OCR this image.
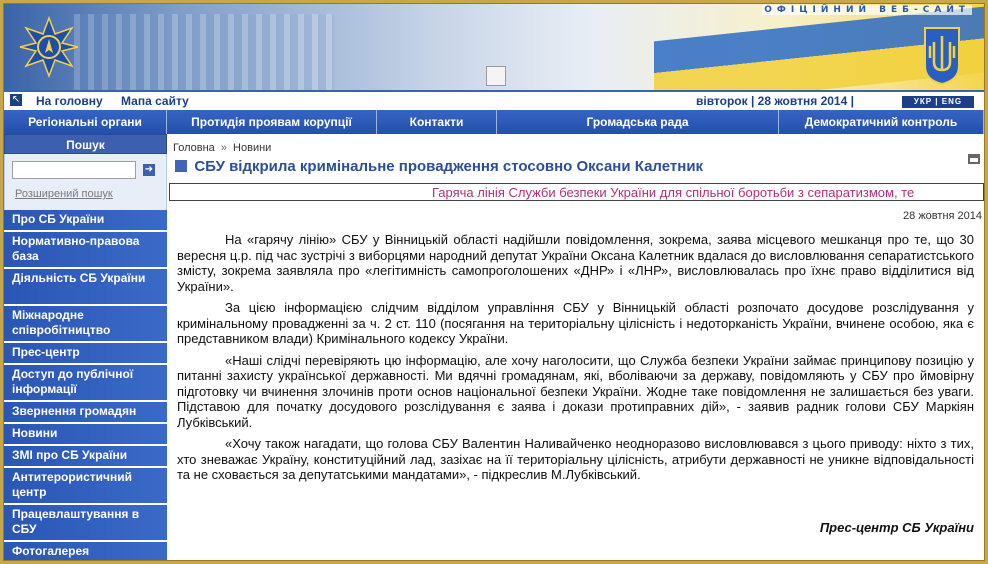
ОФІЦІЙНИЙ ВЕБ-САЙТ
↖ На головну Мапа сайту	вівторок | 28 жовтня 2014 |	УКР | ENG
Регіональні органи	Протидія проявам корупції	Контакти	Громадська рада	Демократичний контроль
Пошук
➜
Розширений пошук
Про СБ України
Нормативно-правова база
Діяльність СБ України
Міжнародне співробітництво
Прес-центр
Доступ до публічної інформації
Звернення громадян
Новини
ЗМІ про СБ України
Антитерористичний центр
Працевлаштування в СБУ
Фотогалерея
Головна » Новини
СБУ відкрила кримінальне провадження стосовно Оксани Калетник
Гаряча лінія Служби безпеки України для спільної боротьби з сепаратизмом, те
28 жовтня 2014

На «гарячу лінію» СБУ у Вінницькій області надійшли повідомлення, зокрема, заява місцевого мешканця про те, що 30 вересня ц.р. під час зустрічі з виборцями народний депутат України Оксана Калетник вдалася до висловлювання сепаратистського змісту, зокрема заявляла про «легітимність самопроголошених «ДНР» і «ЛНР», висловлювалась про їхнє право відділитися від України».

За цією інформацією слідчим відділом управління СБУ у Вінницькій області розпочато досудове розслідування у кримінальному провадженні за ч. 2 ст. 110 (посягання на територіальну цілісність і недоторканість України, вчинене особою, яка є представником влади) Кримінального кодексу України.

«Наші слідчі перевіряють цю інформацію, але хочу наголосити, що Служба безпеки України займає принципову позицію у питанні захисту української державності. Ми вдячні громадянам, які, вболіваючи за державу, повідомляють у СБУ про ймовірну підготовку чи вчинення злочинів проти основ національної безпеки України. Жодне таке повідомлення не залишається без уваги. Підставою для початку досудового розслідування є заява і докази протиправних дій», - заявив радник голови СБУ Маркіян Лубківський.

«Хочу також нагадати, що голова СБУ Валентин Наливайченко неодноразово висловлювався з цього приводу: ніхто з тих, хто зневажає Україну, конституційний лад, зазіхає на її територіальну цілісність, атрибути державності не уникне відповідальності та не сховається за депутатськими мандатами», - підкреслив М.Лубківський.

Прес-центр СБ України
